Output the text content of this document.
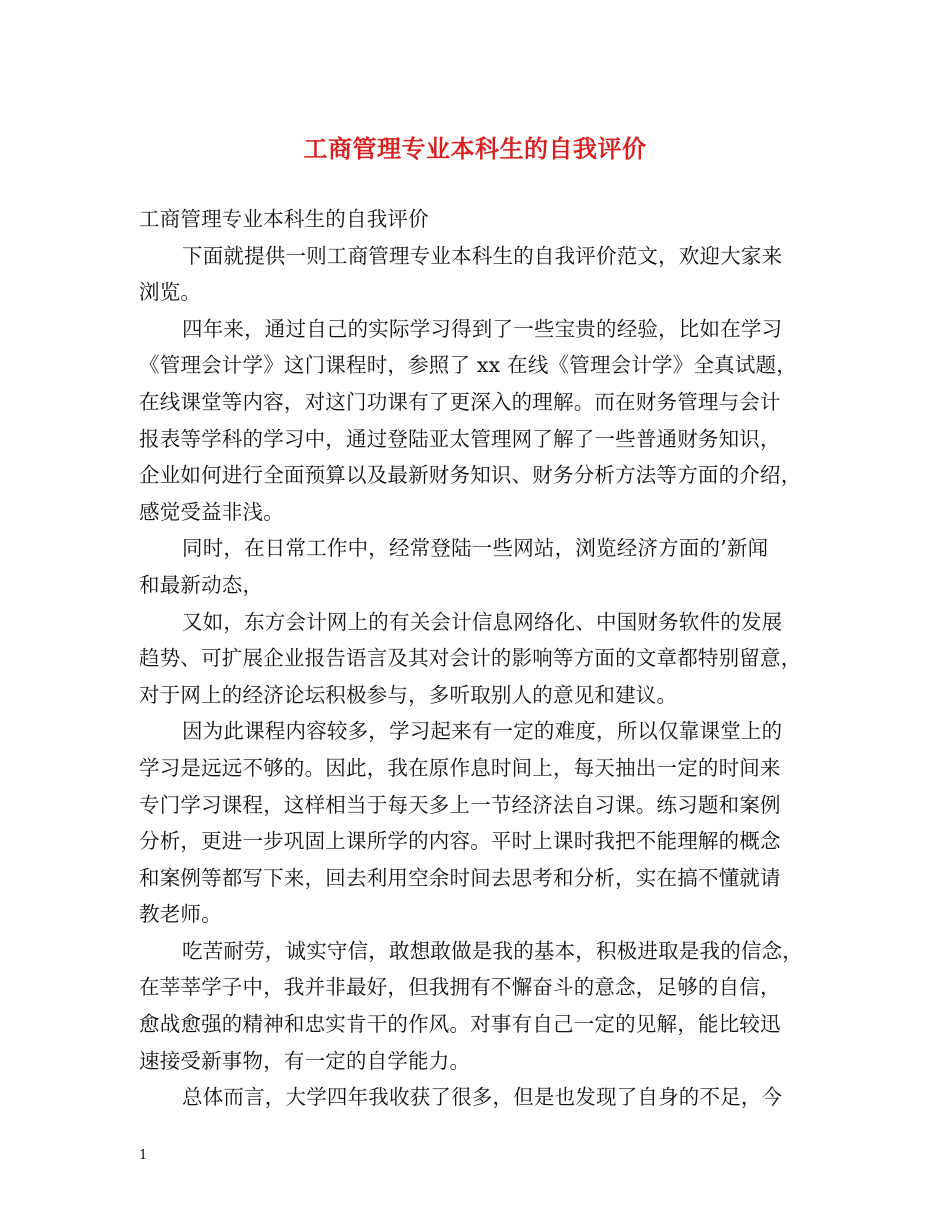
工商管理专业本科生的自我评价
工商管理专业本科生的自我评价
下面就提供一则工商管理专业本科生的自我评价范文，欢迎大家来
浏览。
四年来，通过自己的实际学习得到了一些宝贵的经验，比如在学习
《管理会计学》这门课程时，参照了 xx 在线《管理会计学》全真试题，
在线课堂等内容，对这门功课有了更深入的理解。而在财务管理与会计
报表等学科的学习中，通过登陆亚太管理网了解了一些普通财务知识，
企业如何进行全面预算以及最新财务知识、财务分析方法等方面的介绍，
感觉受益非浅。
同时，在日常工作中，经常登陆一些网站，浏览经济方面的’新闻
和最新动态，
又如，东方会计网上的有关会计信息网络化、中国财务软件的发展
趋势、可扩展企业报告语言及其对会计的影响等方面的文章都特别留意，
对于网上的经济论坛积极参与，多听取别人的意见和建议。
因为此课程内容较多，学习起来有一定的难度，所以仅靠课堂上的
学习是远远不够的。因此，我在原作息时间上，每天抽出一定的时间来
专门学习课程，这样相当于每天多上一节经济法自习课。练习题和案例
分析，更进一步巩固上课所学的内容。平时上课时我把不能理解的概念
和案例等都写下来，回去利用空余时间去思考和分析，实在搞不懂就请
教老师。
吃苦耐劳，诚实守信，敢想敢做是我的基本，积极进取是我的信念，
在莘莘学子中，我并非最好，但我拥有不懈奋斗的意念，足够的自信，
愈战愈强的精神和忠实肯干的作风。对事有自己一定的见解，能比较迅
速接受新事物，有一定的自学能力。
总体而言，大学四年我收获了很多，但是也发现了自身的不足，今
1
